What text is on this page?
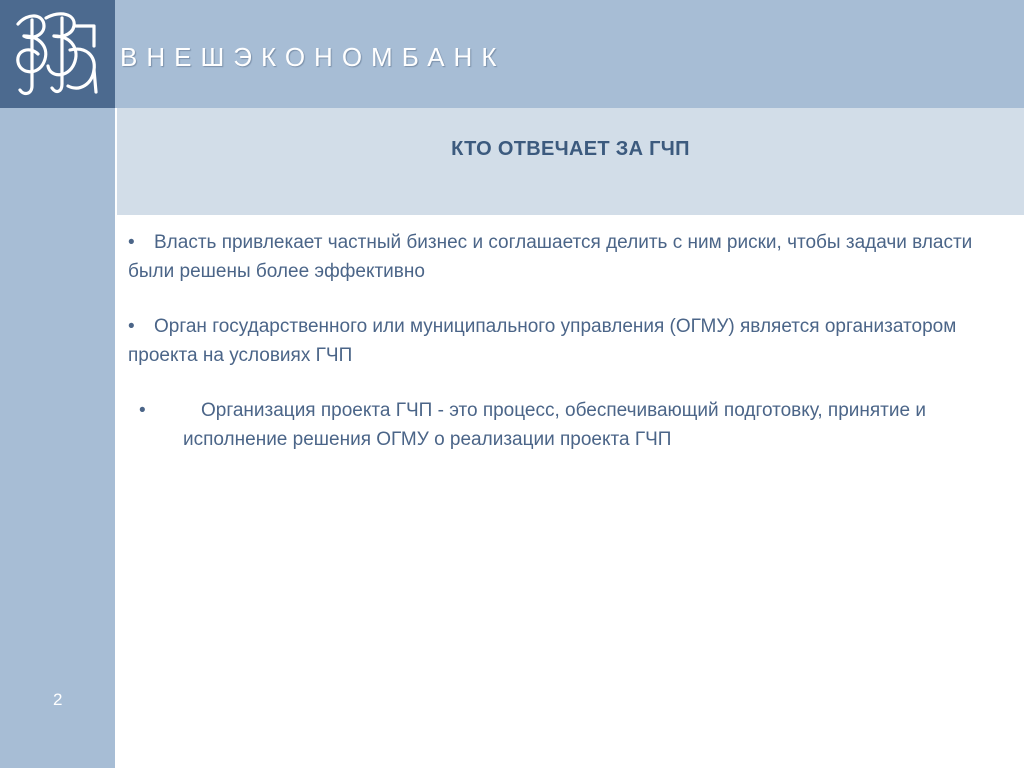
ВНЕШЭКОНОМБАНК
2
КТО ОТВЕЧАЕТ ЗА ГЧП

• Власть привлекает частный бизнес и соглашается делить с ним риски, чтобы задачи власти были решены более эффективно

• Орган государственного или муниципального управления (ОГМУ) является организатором проекта на условиях ГЧП

•	Организация проекта ГЧП - это процесс, обеспечивающий подготовку, принятие и исполнение решения ОГМУ о реализации проекта ГЧП
